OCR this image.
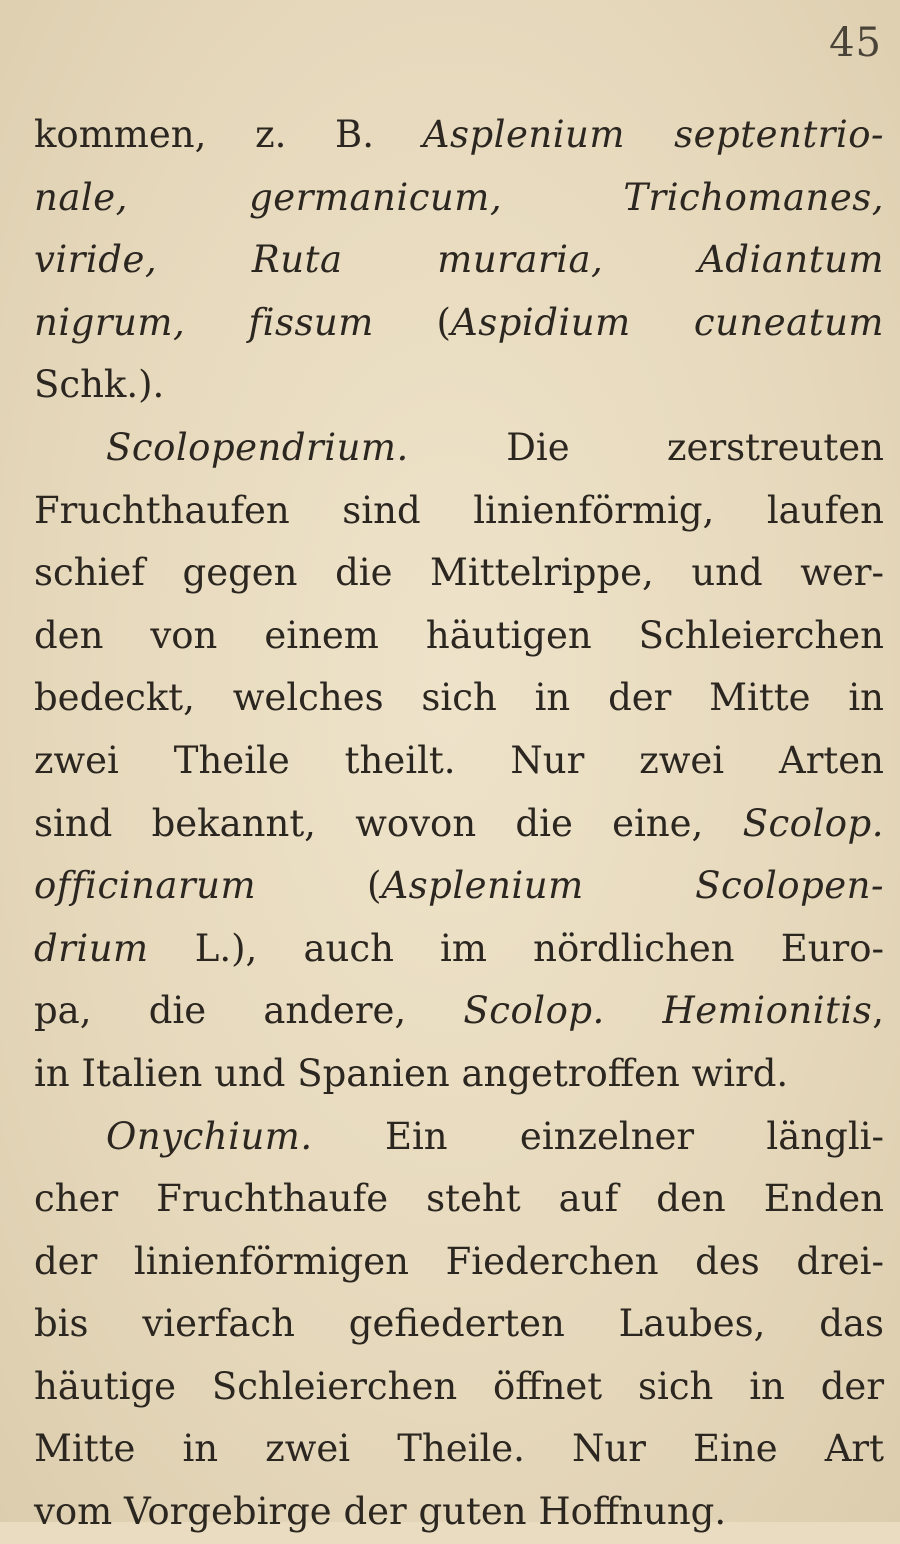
45
kommen, z. B. Asplenium septentrio-
nale, germanicum, Trichomanes,
viride, Ruta muraria, Adiantum
nigrum, fissum (Aspidium cuneatum
Schk.).
Scolopendrium. Die zerstreuten
Fruchthaufen sind linienförmig, laufen
schief gegen die Mittelrippe, und wer-
den von einem häutigen Schleierchen
bedeckt, welches sich in der Mitte in
zwei Theile theilt. Nur zwei Arten
sind bekannt, wovon die eine, Scolop.
officinarum (Asplenium Scolopen-
drium L.), auch im nördlichen Euro-
pa, die andere, Scolop. Hemionitis,
in Italien und Spanien angetroffen wird.
Onychium. Ein einzelner längli-
cher Fruchthaufe steht auf den Enden
der linienförmigen Fiederchen des drei-
bis vierfach gefiederten Laubes, das
häutige Schleierchen öffnet sich in der
Mitte in zwei Theile. Nur Eine Art
vom Vorgebirge der guten Hoffnung.
